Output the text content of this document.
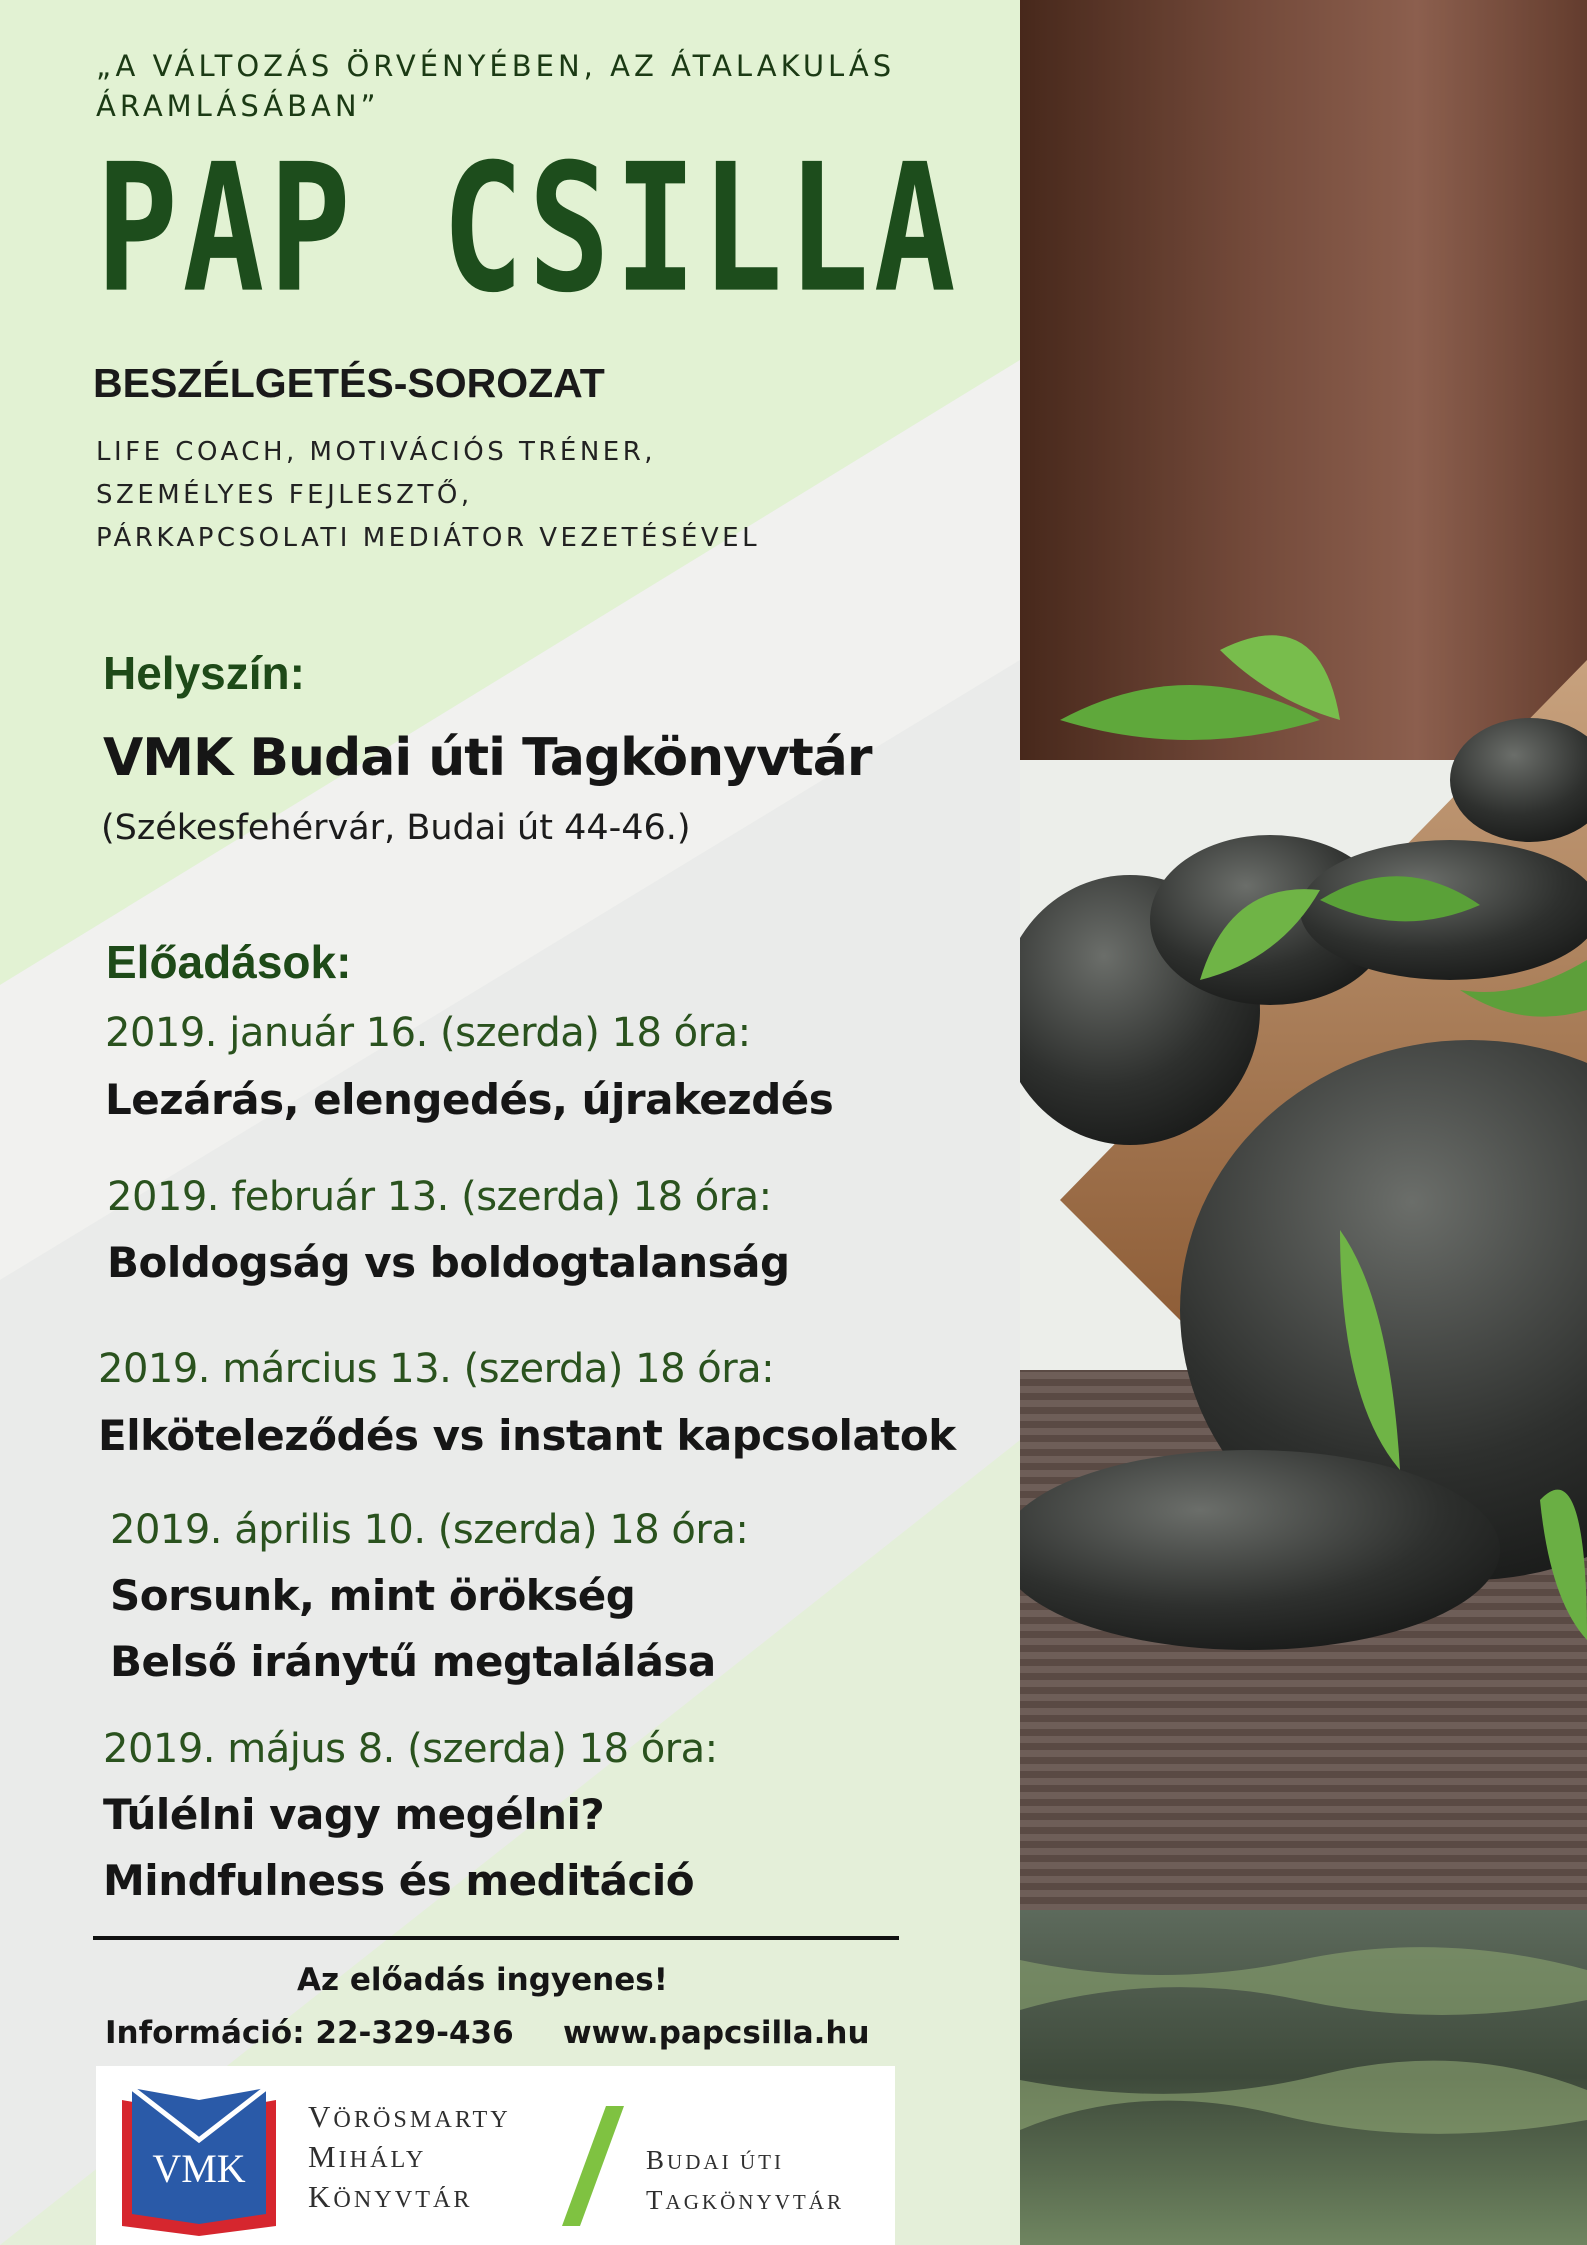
„A VÁLTOZÁS ÖRVÉNYÉBEN, AZ ÁTALAKULÁS
ÁRAMLÁSÁBAN”
PAP CSILLA
BESZÉLGETÉS-SOROZAT
LIFE COACH, MOTIVÁCIÓS TRÉNER,
SZEMÉLYES FEJLESZTŐ,
PÁRKAPCSOLATI MEDIÁTOR VEZETÉSÉVEL
Helyszín:
VMK Budai úti Tagkönyvtár
(Székesfehérvár, Budai út 44-46.)
Előadások:
2019. január 16. (szerda) 18 óra:
Lezárás, elengedés, újrakezdés
2019. február 13. (szerda) 18 óra:
Boldogság vs boldogtalanság
2019. március 13. (szerda) 18 óra:
Elköteleződés vs instant kapcsolatok
2019. április 10. (szerda) 18 óra:
Sorsunk, mint örökség
Belső iránytű megtalálása
2019. május 8. (szerda) 18 óra:
Túlélni vagy megélni?
Mindfulness és meditáció
Az előadás ingyenes!
Információ: 22-329-436 www.papcsilla.hu
VMK
VÖRÖSMARTY
MIHÁLY
KÖNYVTÁR
BUDAI ÚTI
TAGKÖNYVTÁR
